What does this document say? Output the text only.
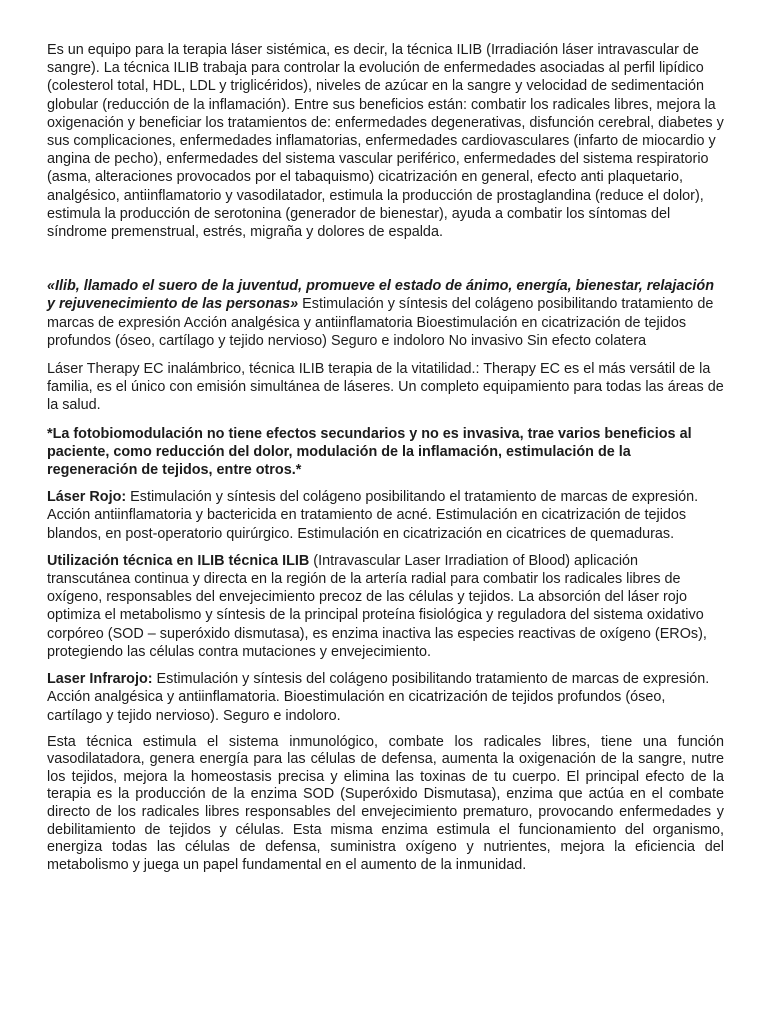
Es un equipo para la terapia láser sistémica, es decir, la técnica ILIB (Irradiación láser intravascular de sangre). La técnica ILIB trabaja para controlar la evolución de enfermedades asociadas al perfil lipídico (colesterol total, HDL, LDL y triglicéridos), niveles de azúcar en la sangre y velocidad de sedimentación globular (reducción de la inflamación). Entre sus beneficios están: combatir los radicales libres, mejora la oxigenación y beneficiar los tratamientos de: enfermedades degenerativas, disfunción cerebral, diabetes y sus complicaciones, enfermedades inflamatorias, enfermedades cardiovasculares (infarto de miocardio y angina de pecho), enfermedades del sistema vascular periférico, enfermedades del sistema respiratorio (asma, alteraciones provocados por el tabaquismo) cicatrización en general, efecto anti plaquetario, analgésico, antiinflamatorio y vasodilatador, estimula la producción de prostaglandina (reduce el dolor), estimula la producción de serotonina (generador de bienestar), ayuda a combatir los síntomas del síndrome premenstrual, estrés, migraña y dolores de espalda.

«Ilib, llamado el suero de la juventud, promueve el estado de ánimo, energía, bienestar, relajación y rejuvenecimiento de las personas» Estimulación y síntesis del colágeno posibilitando tratamiento de marcas de expresión Acción analgésica y antiinflamatoria Bioestimulación en cicatrización de tejidos profundos (óseo, cartílago y tejido nervioso) Seguro e indoloro No invasivo Sin efecto colatera

Láser Therapy EC inalámbrico, técnica ILIB terapia de la vitatilidad.: Therapy EC es el más versátil de la familia, es el único con emisión simultánea de láseres. Un completo equipamiento para todas las áreas de la salud.

*La fotobiomodulación no tiene efectos secundarios y no es invasiva, trae varios beneficios al paciente, como reducción del dolor, modulación de la inflamación, estimulación de la regeneración de tejidos, entre otros.*

Láser Rojo: Estimulación y síntesis del colágeno posibilitando el tratamiento de marcas de expresión. Acción antiinflamatoria y bactericida en tratamiento de acné. Estimulación en cicatrización de tejidos blandos, en post-operatorio quirúrgico. Estimulación en cicatrización en cicatrices de quemaduras.

Utilización técnica en ILIB técnica ILIB (Intravascular Laser Irradiation of Blood) aplicación transcutánea continua y directa en la región de la artería radial para combatir los radicales libres de oxígeno, responsables del envejecimiento precoz de las células y tejidos. La absorción del láser rojo optimiza el metabolismo y síntesis de la principal proteína fisiológica y reguladora del sistema oxidativo corpóreo (SOD – superóxido dismutasa), es enzima inactiva las especies reactivas de oxígeno (EROs), protegiendo las células contra mutaciones y envejecimiento.

Laser Infrarojo: Estimulación y síntesis del colágeno posibilitando tratamiento de marcas de expresión. Acción analgésica y antiinflamatoria. Bioestimulación en cicatrización de tejidos profundos (óseo, cartílago y tejido nervioso). Seguro e indoloro.

Esta técnica estimula el sistema inmunológico, combate los radicales libres, tiene una función vasodilatadora, genera energía para las células de defensa, aumenta la oxigenación de la sangre, nutre los tejidos, mejora la homeostasis precisa y elimina las toxinas de tu cuerpo. El principal efecto de la terapia es la producción de la enzima SOD (Superóxido Dismutasa), enzima que actúa en el combate directo de los radicales libres responsables del envejecimiento prematuro, provocando enfermedades y debilitamiento de tejidos y células. Esta misma enzima estimula el funcionamiento del organismo, energiza todas las células de defensa, suministra oxígeno y nutrientes, mejora la eficiencia del metabolismo y juega un papel fundamental en el aumento de la inmunidad.
